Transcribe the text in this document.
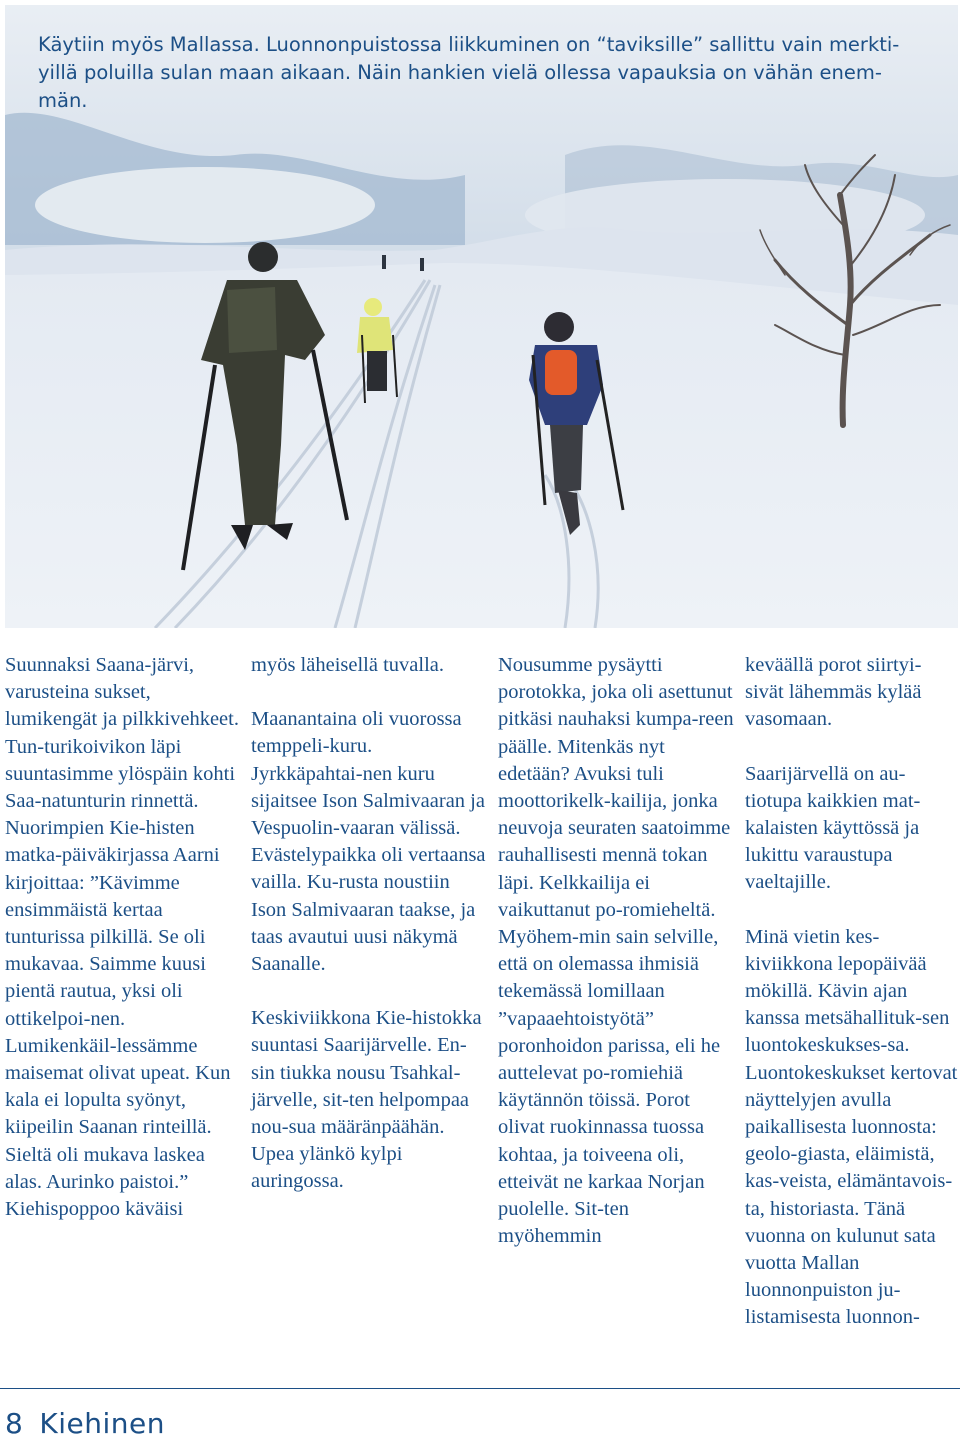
Käytiin myös Mallassa. Luonnonpuistossa liikkuminen on “taviksille” sallittu vain merkti-yillä poluilla sulan maan aikaan. Näin hankien vielä ollessa vapauksia on vähän enem-män.

Suunnaksi Saana-järvi, varusteina sukset, lumikengät ja pilkkivehkeet. Tun-turikoivikon läpi suuntasimme ylöspäin kohti Saa-natunturin rinnettä. Nuorimpien Kie-histen matka-päiväkirjassa Aarni kirjoittaa: ”Kävimme ensimmäistä kertaa tunturissa pilkillä. Se oli mukavaa. Saimme kuusi pientä rautua, yksi oli ottikelpoi-nen. Lumikenkäil-lessämme maisemat olivat upeat. Kun kala ei lopulta syönyt, kiipeilin Saanan rinteillä. Sieltä oli mukava laskea alas. Aurinko paistoi.” Kiehispoppoo käväisi

myös läheisellä tuvalla.

Maanantaina oli vuorossa temppeli-kuru. Jyrkkäpahtai-nen kuru sijaitsee Ison Salmivaaran ja Vespuolin-vaaran välissä. Evästelypaikka oli vertaansa vailla. Ku-rusta noustiin Ison Salmivaaran taakse, ja taas avautui uusi näkymä Saanalle.

Keskiviikkona Kie-histokka suuntasi Saarijärvelle. En-sin tiukka nousu Tsahkal-järvelle, sit-ten helpompaa nou-sua määränpäähän. Upea ylänkö kylpi auringossa.

Nousumme pysäytti porotokka, joka oli asettunut pitkäsi nauhaksi kumpa-reen päälle. Mitenkäs nyt edetään? Avuksi tuli moottorikelk-kailija, jonka neuvoja seuraten saatoimme rauhallisesti mennä tokan läpi. Kelkkailija ei vaikuttanut po-romieheltä. Myöhem-min sain selville, että on olemassa ihmisiä tekemässä lomillaan ”vapaaehtoistyötä” poronhoidon parissa, eli he auttelevat po-romiehiä käytännön töissä. Porot olivat ruokinnassa tuossa kohtaa, ja toiveena oli, etteivät ne karkaa Norjan puolelle. Sit-ten myöhemmin

keväällä porot siirtyi-sivät lähemmäs kylää vasomaan.

Saarijärvellä on au-tiotupa kaikkien mat-kalaisten käyttössä ja lukittu varaustupa vaeltajille.

Minä vietin kes-kiviikkona lepopäivää mökillä. Kävin ajan kanssa metsähallituk-sen luontokeskukses-sa. Luontokeskukset kertovat näyttelyjen avulla paikallisesta luonnosta: geolo-giasta, eläimistä, kas-veista, elämäntavois-ta, historiasta. Tänä vuonna on kulunut sata vuotta Mallan luonnonpuiston ju-listamisesta luonnon-

8 Kiehinen
